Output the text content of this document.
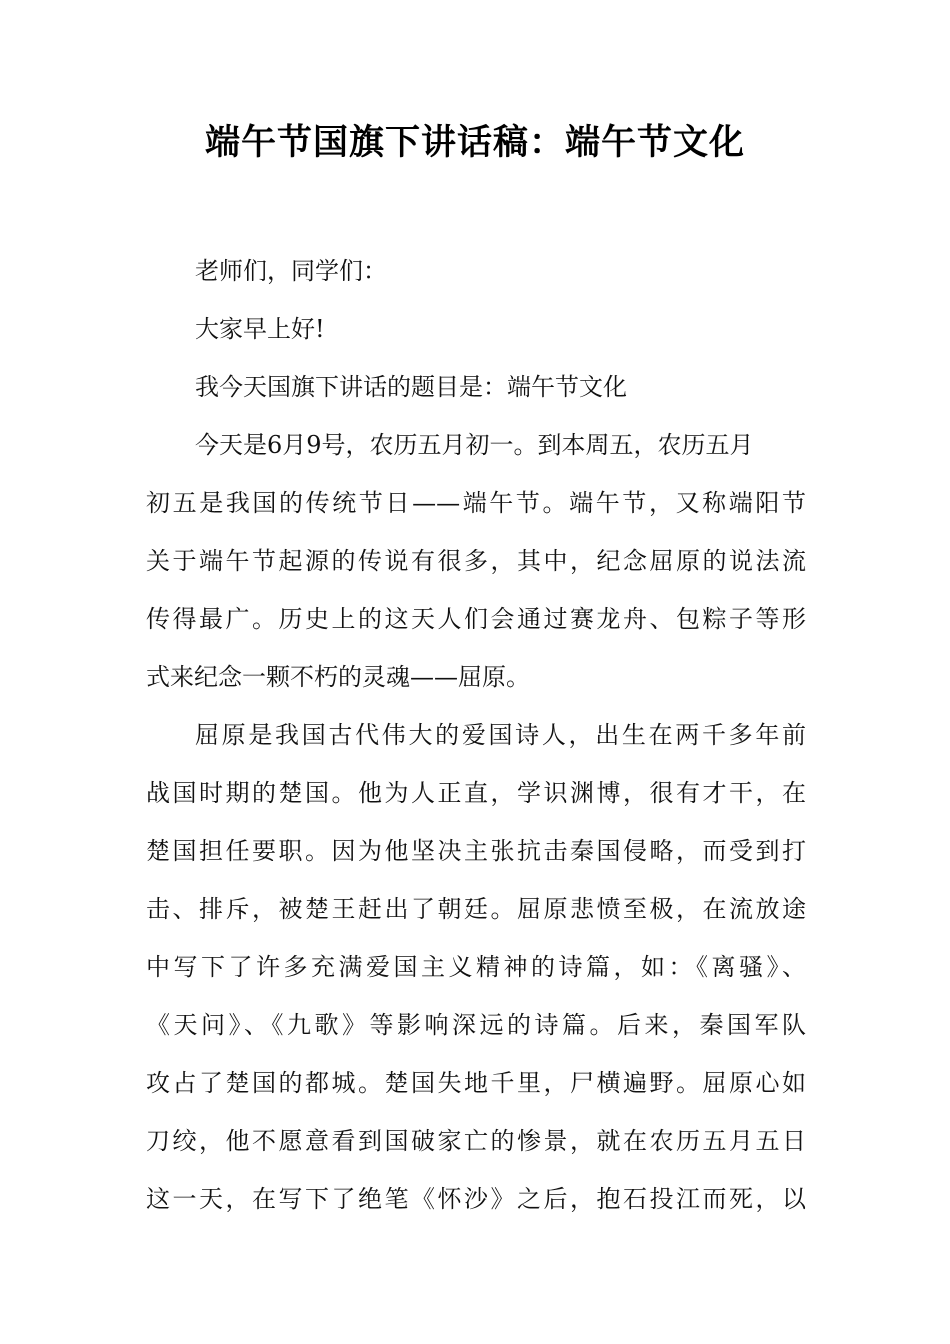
端午节国旗下讲话稿：端午节文化
老师们，同学们：
大家早上好!
我今天国旗下讲话的题目是：端午节文化
今天是6月9号，农历五月初一。到本周五，农历五月
初五是我国的传统节日——端午节。端午节，又称端阳节
关于端午节起源的传说有很多，其中，纪念屈原的说法流
传得最广。历史上的这天人们会通过赛龙舟、包粽子等形
式来纪念一颗不朽的灵魂——屈原。
屈原是我国古代伟大的爱国诗人，出生在两千多年前
战国时期的楚国。他为人正直，学识渊博，很有才干，在
楚国担任要职。因为他坚决主张抗击秦国侵略，而受到打
击、排斥，被楚王赶出了朝廷。屈原悲愤至极，在流放途
中写下了许多充满爱国主义精神的诗篇，如：《离骚》、
《天问》、《九歌》等影响深远的诗篇。后来，秦国军队
攻占了楚国的都城。楚国失地千里，尸横遍野。屈原心如
刀绞，他不愿意看到国破家亡的惨景，就在农历五月五日
这一天，在写下了绝笔《怀沙》之后，抱石投江而死，以
